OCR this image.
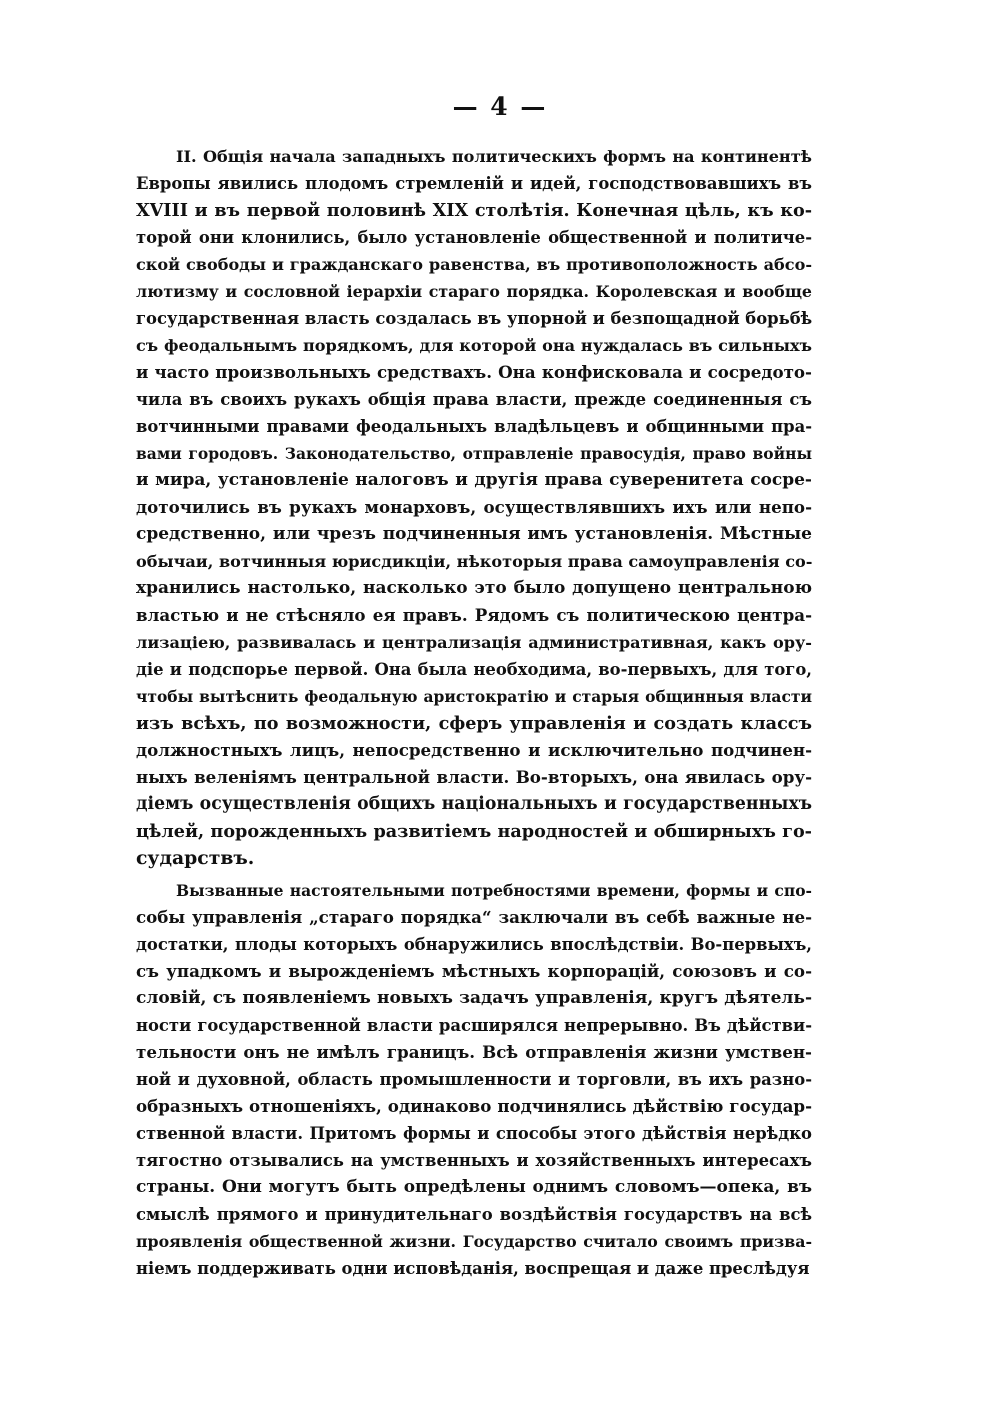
— 4 —
II. Общія начала западныхъ политическихъ формъ на континентѣ
Европы явились плодомъ стремленій и идей, господствовавшихъ въ
XVIII и въ первой половинѣ XIX столѣтія. Конечная цѣль, къ ко-
торой они клонились, было установленіе общественной и политиче-
ской свободы и гражданскаго равенства, въ противоположность абсо-
лютизму и сословной іерархіи стараго порядка. Королевская и вообще
государственная власть создалась въ упорной и безпощадной борьбѣ
съ феодальнымъ порядкомъ, для которой она нуждалась въ сильныхъ
и часто произвольныхъ средствахъ. Она конфисковала и сосредото-
чила въ своихъ рукахъ общія права власти, прежде соединенныя съ
вотчинными правами феодальныхъ владѣльцевъ и общинными пра-
вами городовъ. Законодательство, отправленіе правосудія, право войны
и мира, установленіе налоговъ и другія права суверенитета сосре-
доточились въ рукахъ монарховъ, осуществлявшихъ ихъ или непо-
средственно, или чрезъ подчиненныя имъ установленія. Мѣстные
обычаи, вотчинныя юрисдикціи, нѣкоторыя права самоуправленія со-
хранились настолько, насколько это было допущено центральною
властью и не стѣсняло ея правъ. Рядомъ съ политическою центра-
лизаціею, развивалась и централизація административная, какъ ору-
діе и подспорье первой. Она была необходима, во-первыхъ, для того,
чтобы вытѣснить феодальную аристократію и старыя общинныя власти
изъ всѣхъ, по возможности, сферъ управленія и создать классъ
должностныхъ лицъ, непосредственно и исключительно подчинен-
ныхъ веленіямъ центральной власти. Во-вторыхъ, она явилась ору-
діемъ осуществленія общихъ національныхъ и государственныхъ
цѣлей, порожденныхъ развитіемъ народностей и обширныхъ го-
сударствъ.
Вызванные настоятельными потребностями времени, формы и спо-
собы управленія „стараго порядка“ заключали въ себѣ важные не-
достатки, плоды которыхъ обнаружились впослѣдствіи. Во-первыхъ,
съ упадкомъ и вырожденіемъ мѣстныхъ корпорацій, союзовъ и со-
словій, съ появленіемъ новыхъ задачъ управленія, кругъ дѣятель-
ности государственной власти расширялся непрерывно. Въ дѣйстви-
тельности онъ не имѣлъ границъ. Всѣ отправленія жизни умствен-
ной и духовной, область промышленности и торговли, въ ихъ разно-
образныхъ отношеніяхъ, одинаково подчинялись дѣйствію государ-
ственной власти. Притомъ формы и способы этого дѣйствія нерѣдко
тягостно отзывались на умственныхъ и хозяйственныхъ интересахъ
страны. Они могутъ быть опредѣлены однимъ словомъ—опека, въ
смыслѣ прямого и принудительнаго воздѣйствія государствъ на всѣ
проявленія общественной жизни. Государство считало своимъ призва-
ніемъ поддерживать одни исповѣданія, воспрещая и даже преслѣдуя
